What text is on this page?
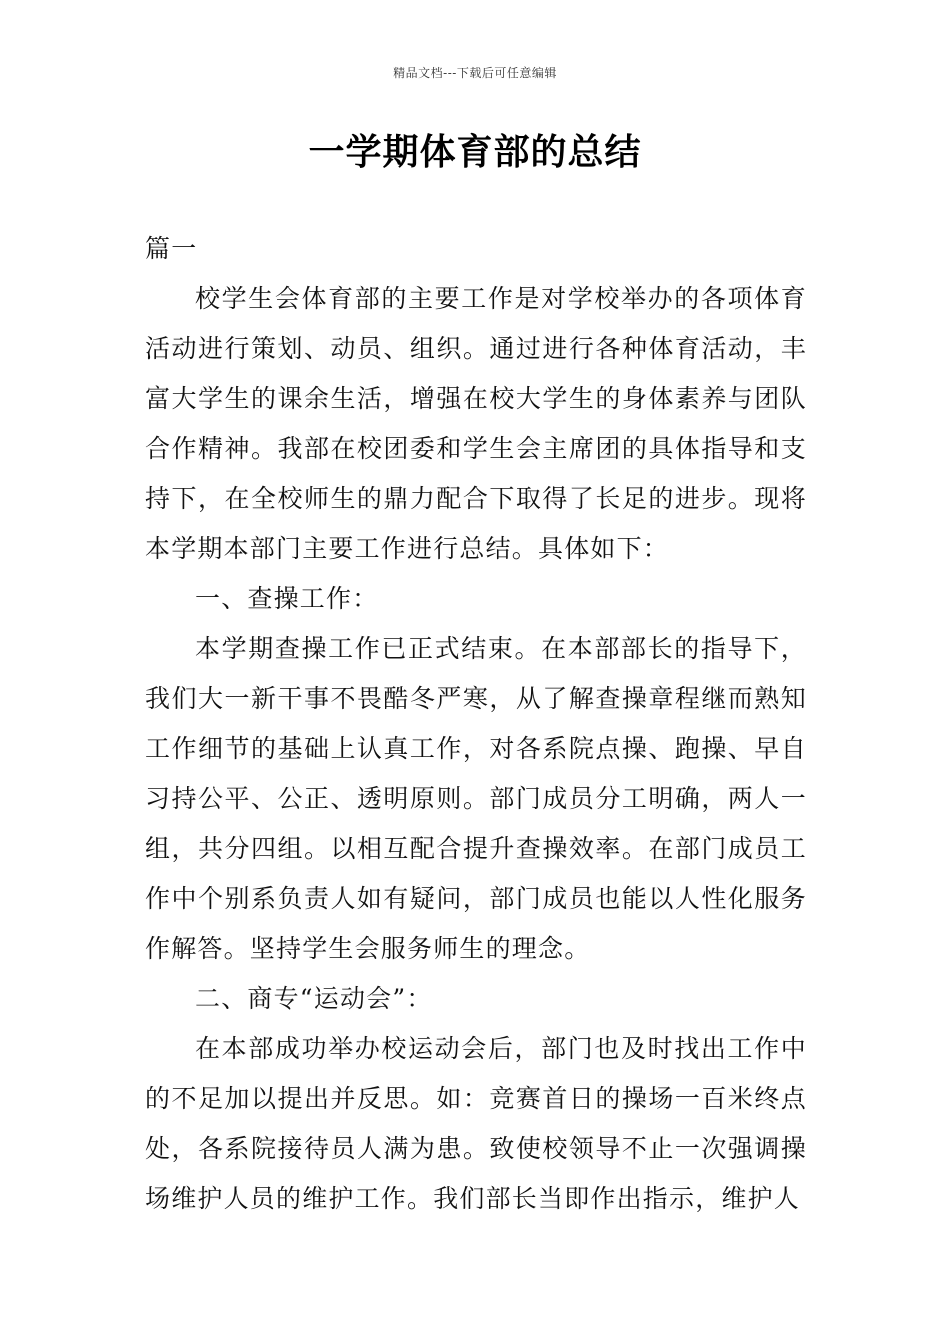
精品文档---下载后可任意编辑
一学期体育部的总结

篇一

校学生会体育部的主要工作是对学校举办的各项体育活动进行策划、动员、组织。通过进行各种体育活动，丰富大学生的课余生活，增强在校大学生的身体素养与团队合作精神。我部在校团委和学生会主席团的具体指导和支持下，在全校师生的鼎力配合下取得了长足的进步。现将本学期本部门主要工作进行总结。具体如下：

一、查操工作：

本学期查操工作已正式结束。在本部部长的指导下，我们大一新干事不畏酷冬严寒，从了解查操章程继而熟知工作细节的基础上认真工作，对各系院点操、跑操、早自习持公平、公正、透明原则。部门成员分工明确，两人一组，共分四组。以相互配合提升查操效率。在部门成员工作中个别系负责人如有疑问，部门成员也能以人性化服务作解答。坚持学生会服务师生的理念。

二、商专“运动会”：

在本部成功举办校运动会后，部门也及时找出工作中的不足加以提出并反思。如：竞赛首日的操场一百米终点处，各系院接待员人满为患。致使校领导不止一次强调操场维护人员的维护工作。我们部长当即作出指示，维护人
